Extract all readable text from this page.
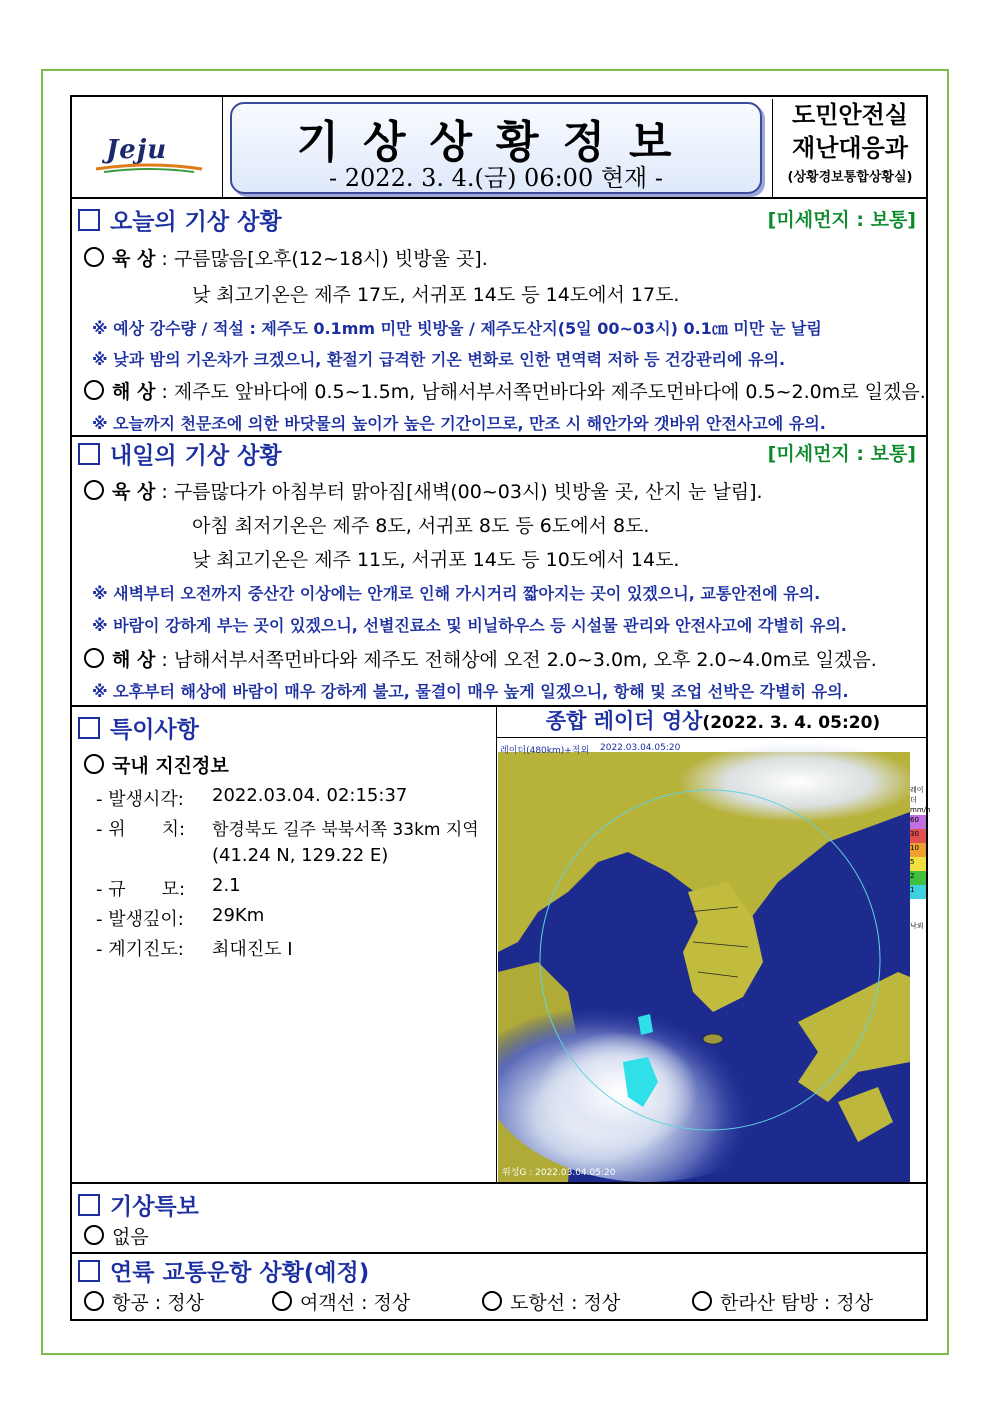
Jeju	기상상황정보
- 2022. 3. 4.(금) 06:00 현재 -
도민안전실
재난대응과
(상황경보통합상황실)
오늘의 기상 상황	[미세먼지 : 보통]
육 상 : 구름많음[오후(12~18시) 빗방울 곳].
낮 최고기온은 제주 17도, 서귀포 14도 등 14도에서 17도.
※ 예상 강수량 / 적설 : 제주도 0.1mm 미만 빗방울 / 제주도산지(5일 00~03시) 0.1㎝ 미만 눈 날림
※ 낮과 밤의 기온차가 크겠으니, 환절기 급격한 기온 변화로 인한 면역력 저하 등 건강관리에 유의.
해 상 : 제주도 앞바다에 0.5~1.5m, 남해서부서쪽먼바다와 제주도먼바다에 0.5~2.0m로 일겠음.
※ 오늘까지 천문조에 의한 바닷물의 높이가 높은 기간이므로, 만조 시 해안가와 갯바위 안전사고에 유의.
내일의 기상 상황	[미세먼지 : 보통]
육 상 : 구름많다가 아침부터 맑아짐[새벽(00~03시) 빗방울 곳, 산지 눈 날림].
아침 최저기온은 제주 8도, 서귀포 8도 등 6도에서 8도.
낮 최고기온은 제주 11도, 서귀포 14도 등 10도에서 14도.
※ 새벽부터 오전까지 중산간 이상에는 안개로 인해 가시거리 짧아지는 곳이 있겠으니, 교통안전에 유의.
※ 바람이 강하게 부는 곳이 있겠으니, 선별진료소 및 비닐하우스 등 시설물 관리와 안전사고에 각별히 유의.
해 상 : 남해서부서쪽먼바다와 제주도 전해상에 오전 2.0~3.0m, 오후 2.0~4.0m로 일겠음.
※ 오후부터 해상에 바람이 매우 강하게 불고, 물결이 매우 높게 일겠으니, 항해 및 조업 선박은 각별히 유의.
특이사항
국내 지진정보
- 발생시각: 2022.03.04. 02:15:37
- 위　　치: 함경북도 길주 북북서쪽 33km 지역
(41.24 N, 129.22 E)
- 규　　모: 2.1
- 발생깊이: 29Km
- 계기진도: 최대진도 Ⅰ
종합 레이더 영상(2022. 3. 4. 05:20)
레이더(480km)+적외 2022.03.04.05:20
위성G : 2022.03.04.05:20
레이더
mm/h
60
30
10
5
2
1
낙뢰
기상특보
없음
연륙 교통운항 상황(예정)
항공 : 정상	여객선 : 정상	도항선 : 정상	한라산 탐방 : 정상
